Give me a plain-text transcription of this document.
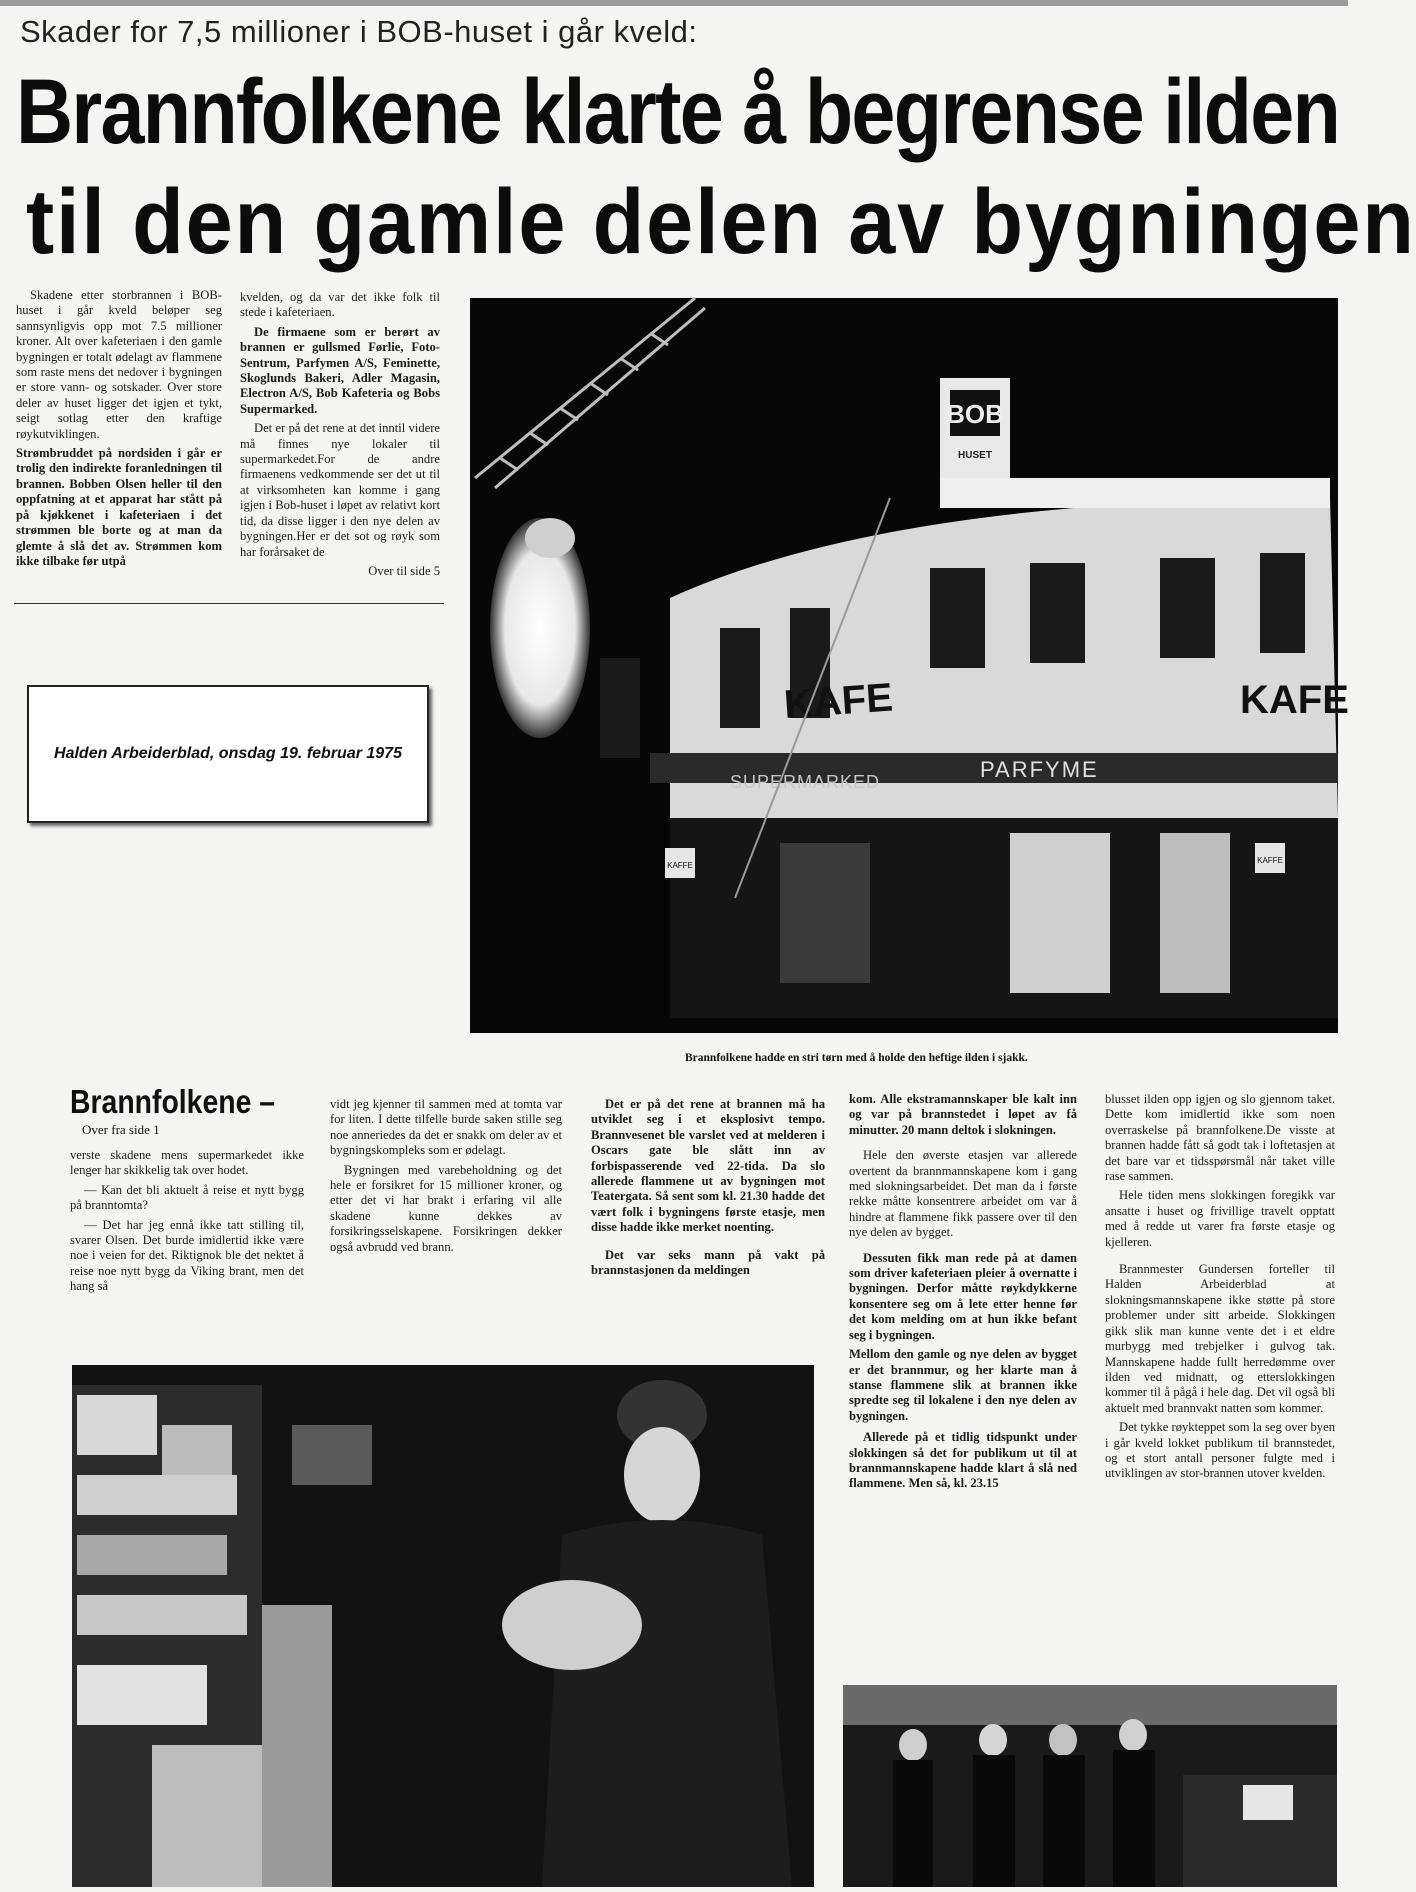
Skader for 7,5 millioner i BOB-huset i går kveld:
Brannfolkene klarte å begrense ilden
til den gamle delen av bygningen

Skadene etter storbrannen i BOB-huset i går kveld beløper seg sannsynligvis opp mot 7.5 millioner kroner. Alt over kafeteriaen i den gamle bygningen er totalt ødelagt av flammene som raste mens det nedover i bygningen er store vann- og sotskader. Over store deler av huset ligger det igjen et tykt, seigt sotlag etter den kraftige røykutviklingen.

Strømbruddet på nordsiden i går er trolig den indirekte foranledningen til brannen. Bobben Olsen heller til den oppfatning at et apparat har stått på på kjøkkenet i kafeteriaen i det strømmen ble borte og at man da glemte å slå det av. Strømmen kom ikke tilbake før utpå

kvelden, og da var det ikke folk til stede i kafeteriaen.

De firmaene som er berørt av brannen er gullsmed Førlie, Foto-Sentrum, Parfymen A/S, Feminette, Skoglunds Bakeri, Adler Magasin, Electron A/S, Bob Kafeteria og Bobs Supermarked.

Det er på det rene at det inntil videre må finnes nye lokaler til supermarkedet.For de andre firmaenens vedkommende ser det ut til at virksomheten kan komme i gang igjen i Bob-huset i løpet av relativt kort tid, da disse ligger i den nye delen av bygningen.Her er det sot og røyk som har forårsaket de

Over til side 5

Halden Arbeiderblad, onsdag 19. februar 1975
BOB
HUSET
KAFE	KAFE
PARFYME
SUPERMARKED
KAFFE
KAFFE
Brannfolkene hadde en stri tørn med å holde den heftige ilden i sjakk.
Brannfolkene –
Over fra side 1

verste skadene mens supermarkedet ikke lenger har skikkelig tak over hodet.

— Kan det bli aktuelt å reise et nytt bygg på branntomta?

— Det har jeg ennå ikke tatt stilling til, svarer Olsen. Det burde imidlertid ikke være noe i veien for det. Riktignok ble det nektet å reise noe nytt bygg da Viking brant, men det hang så

vidt jeg kjenner til sammen med at tomta var for liten. I dette tilfelle burde saken stille seg noe anneriedes da det er snakk om deler av et bygningskompleks som er ødelagt.

Bygningen med varebeholdning og det hele er forsikret for 15 millioner kroner, og etter det vi har brakt i erfaring vil alle skadene kunne dekkes av forsikringsselskapene. Forsikringen dekker også avbrudd ved brann.

Det er på det rene at brannen må ha utviklet seg i et eksplosivt tempo. Brannvesenet ble varslet ved at melderen i Oscars gate ble slått inn av forbispasserende ved 22-tida. Da slo allerede flammene ut av bygningen mot Teatergata. Så sent som kl. 21.30 hadde det vært folk i bygningens første etasje, men disse hadde ikke merket noenting.

Det var seks mann på vakt på brannstasjonen da meldingen

kom. Alle ekstramannskaper ble kalt inn og var på brannstedet i løpet av få minutter. 20 mann deltok i slokningen.

Hele den øverste etasjen var allerede overtent da brannmannskapene kom i gang med slokningsarbeidet. Det man da i første rekke måtte konsentrere arbeidet om var å hindre at flammene fikk passere over til den nye delen av bygget.

Dessuten fikk man rede på at damen som driver kafeteriaen pleier å overnatte i bygningen. Derfor måtte røykdykkerne konsentere seg om å lete etter henne før det kom melding om at hun ikke befant seg i bygningen.

Mellom den gamle og nye delen av bygget er det brannmur, og her klarte man å stanse flammene slik at brannen ikke spredte seg til lokalene i den nye delen av bygningen.

Allerede på et tidlig tidspunkt under slokkingen så det for publikum ut til at brannmannskapene hadde klart å slå ned flammene. Men så, kl. 23.15

blusset ilden opp igjen og slo gjennom taket. Dette kom imidlertid ikke som noen overraskelse på brannfolkene.De visste at brannen hadde fått så godt tak i loftetasjen at det bare var et tidsspørsmål når taket ville rase sammen.

Hele tiden mens slokkingen foregikk var ansatte i huset og frivillige travelt opptatt med å redde ut varer fra første etasje og kjelleren.

Brannmester Gundersen forteller til Halden Arbeiderblad at slokningsmannskapene ikke støtte på store problemer under sitt arbeide. Slokkingen gikk slik man kunne vente det i et eldre murbygg med trebjelker i gulvog tak. Mannskapene hadde fullt herredømme over ilden ved midnatt, og etterslokkingen kommer til å pågå i hele dag. Det vil også bli aktuelt med brannvakt natten som kommer.

Det tykke røykteppet som la seg over byen i går kveld lokket publikum til brannstedet, og et stort antall personer fulgte med i utviklingen av stor-brannen utover kvelden.
